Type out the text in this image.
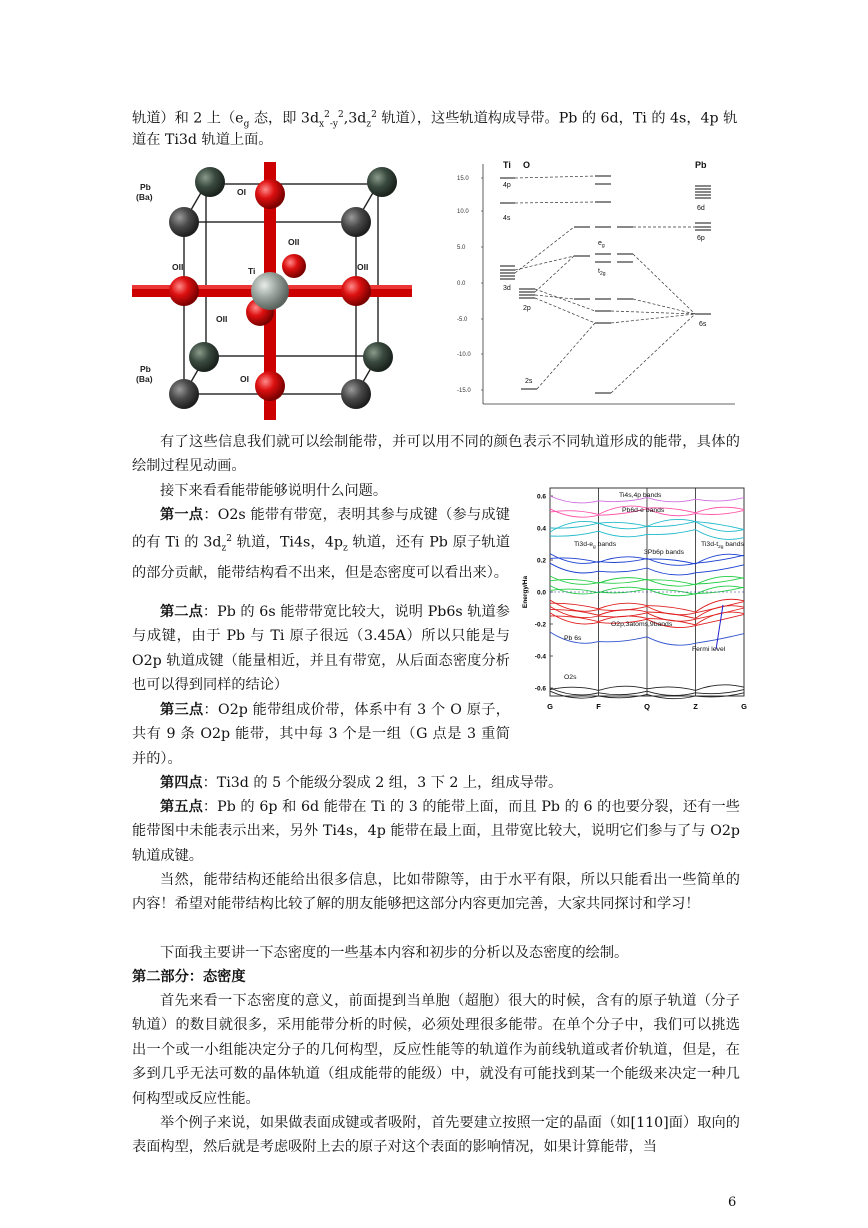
轨道）和 2 上（$e_g$ 态，即 $3d_x^2_{-y}^2,3d_z^2$ 轨道），这些轨道构成导带。Pb 的 6d，Ti 的 4s，4p 轨

道在 Ti3d 轨道上面。

Pb
(Ba)	OI
OII
OII	Ti	OII
OII
Pb
(Ba)	OI
15.0
10.0
5.0
0.0
-5.0
-10.0
-15.0
Ti O	Pb
4p
4s
3d
2p
2s
$e_g$
$t_{2g}$
6d
6p
6s
0.6
0.4
0.2
0.0
-0.2
-0.4
-0.6
G	F	Q	Z	G
Energy/Ha
Ti4s,4p bands
Pb6d-e bands
$Ti3d-e_g$ bands
3Pb6p bands
$Ti3d-t_{2g}$ bands
O2p,3atoms,9bands
Pb 6s
Fermi level
O2s

有了这些信息我们就可以绘制能带，并可以用不同的颜色表示不同轨道形成的能带，具体的绘制过程见动画。

接下来看看能带能够说明什么问题。

第一点：O2s 能带有带宽，表明其参与成键（参与成键的有 Ti 的 $3d_z^2$ 轨道，Ti4s，$4p_z$ 轨道，还有 Pb 原子轨道的部分贡献，能带结构看不出来，但是态密度可以看出来）。

第二点：Pb 的 6s 能带带宽比较大，说明 Pb6s 轨道参与成键，由于 Pb 与 Ti 原子很远（3.45A）所以只能是与 O2p 轨道成键（能量相近，并且有带宽，从后面态密度分析也可以得到同样的结论）

第三点：O2p 能带组成价带，体系中有 3 个 O 原子，共有 9 条 O2p 能带，其中每 3 个是一组（G 点是 3 重简并的）。

第四点：Ti3d 的 5 个能级分裂成 2 组，3 下 2 上，组成导带。

第五点：Pb 的 6p 和 6d 能带在 Ti 的 3 的能带上面，而且 Pb 的 6 的也要分裂，还有一些能带图中未能表示出来，另外 Ti4s，4p 能带在最上面，且带宽比较大，说明它们参与了与 O2p 轨道成键。

当然，能带结构还能给出很多信息，比如带隙等，由于水平有限，所以只能看出一些简单的内容！希望对能带结构比较了解的朋友能够把这部分内容更加完善，大家共同探讨和学习！

下面我主要讲一下态密度的一些基本内容和初步的分析以及态密度的绘制。

第二部分：态密度

首先来看一下态密度的意义，前面提到当单胞（超胞）很大的时候，含有的原子轨道（分子轨道）的数目就很多，采用能带分析的时候，必须处理很多能带。在单个分子中，我们可以挑选出一个或一小组能决定分子的几何构型，反应性能等的轨道作为前线轨道或者价轨道，但是，在多到几乎无法可数的晶体轨道（组成能带的能级）中，就没有可能找到某一个能级来决定一种几何构型或反应性能。

举个例子来说，如果做表面成键或者吸附，首先要建立按照一定的晶面（如[110]面）取向的表面构型，然后就是考虑吸附上去的原子对这个表面的影响情况，如果计算能带，当

6
